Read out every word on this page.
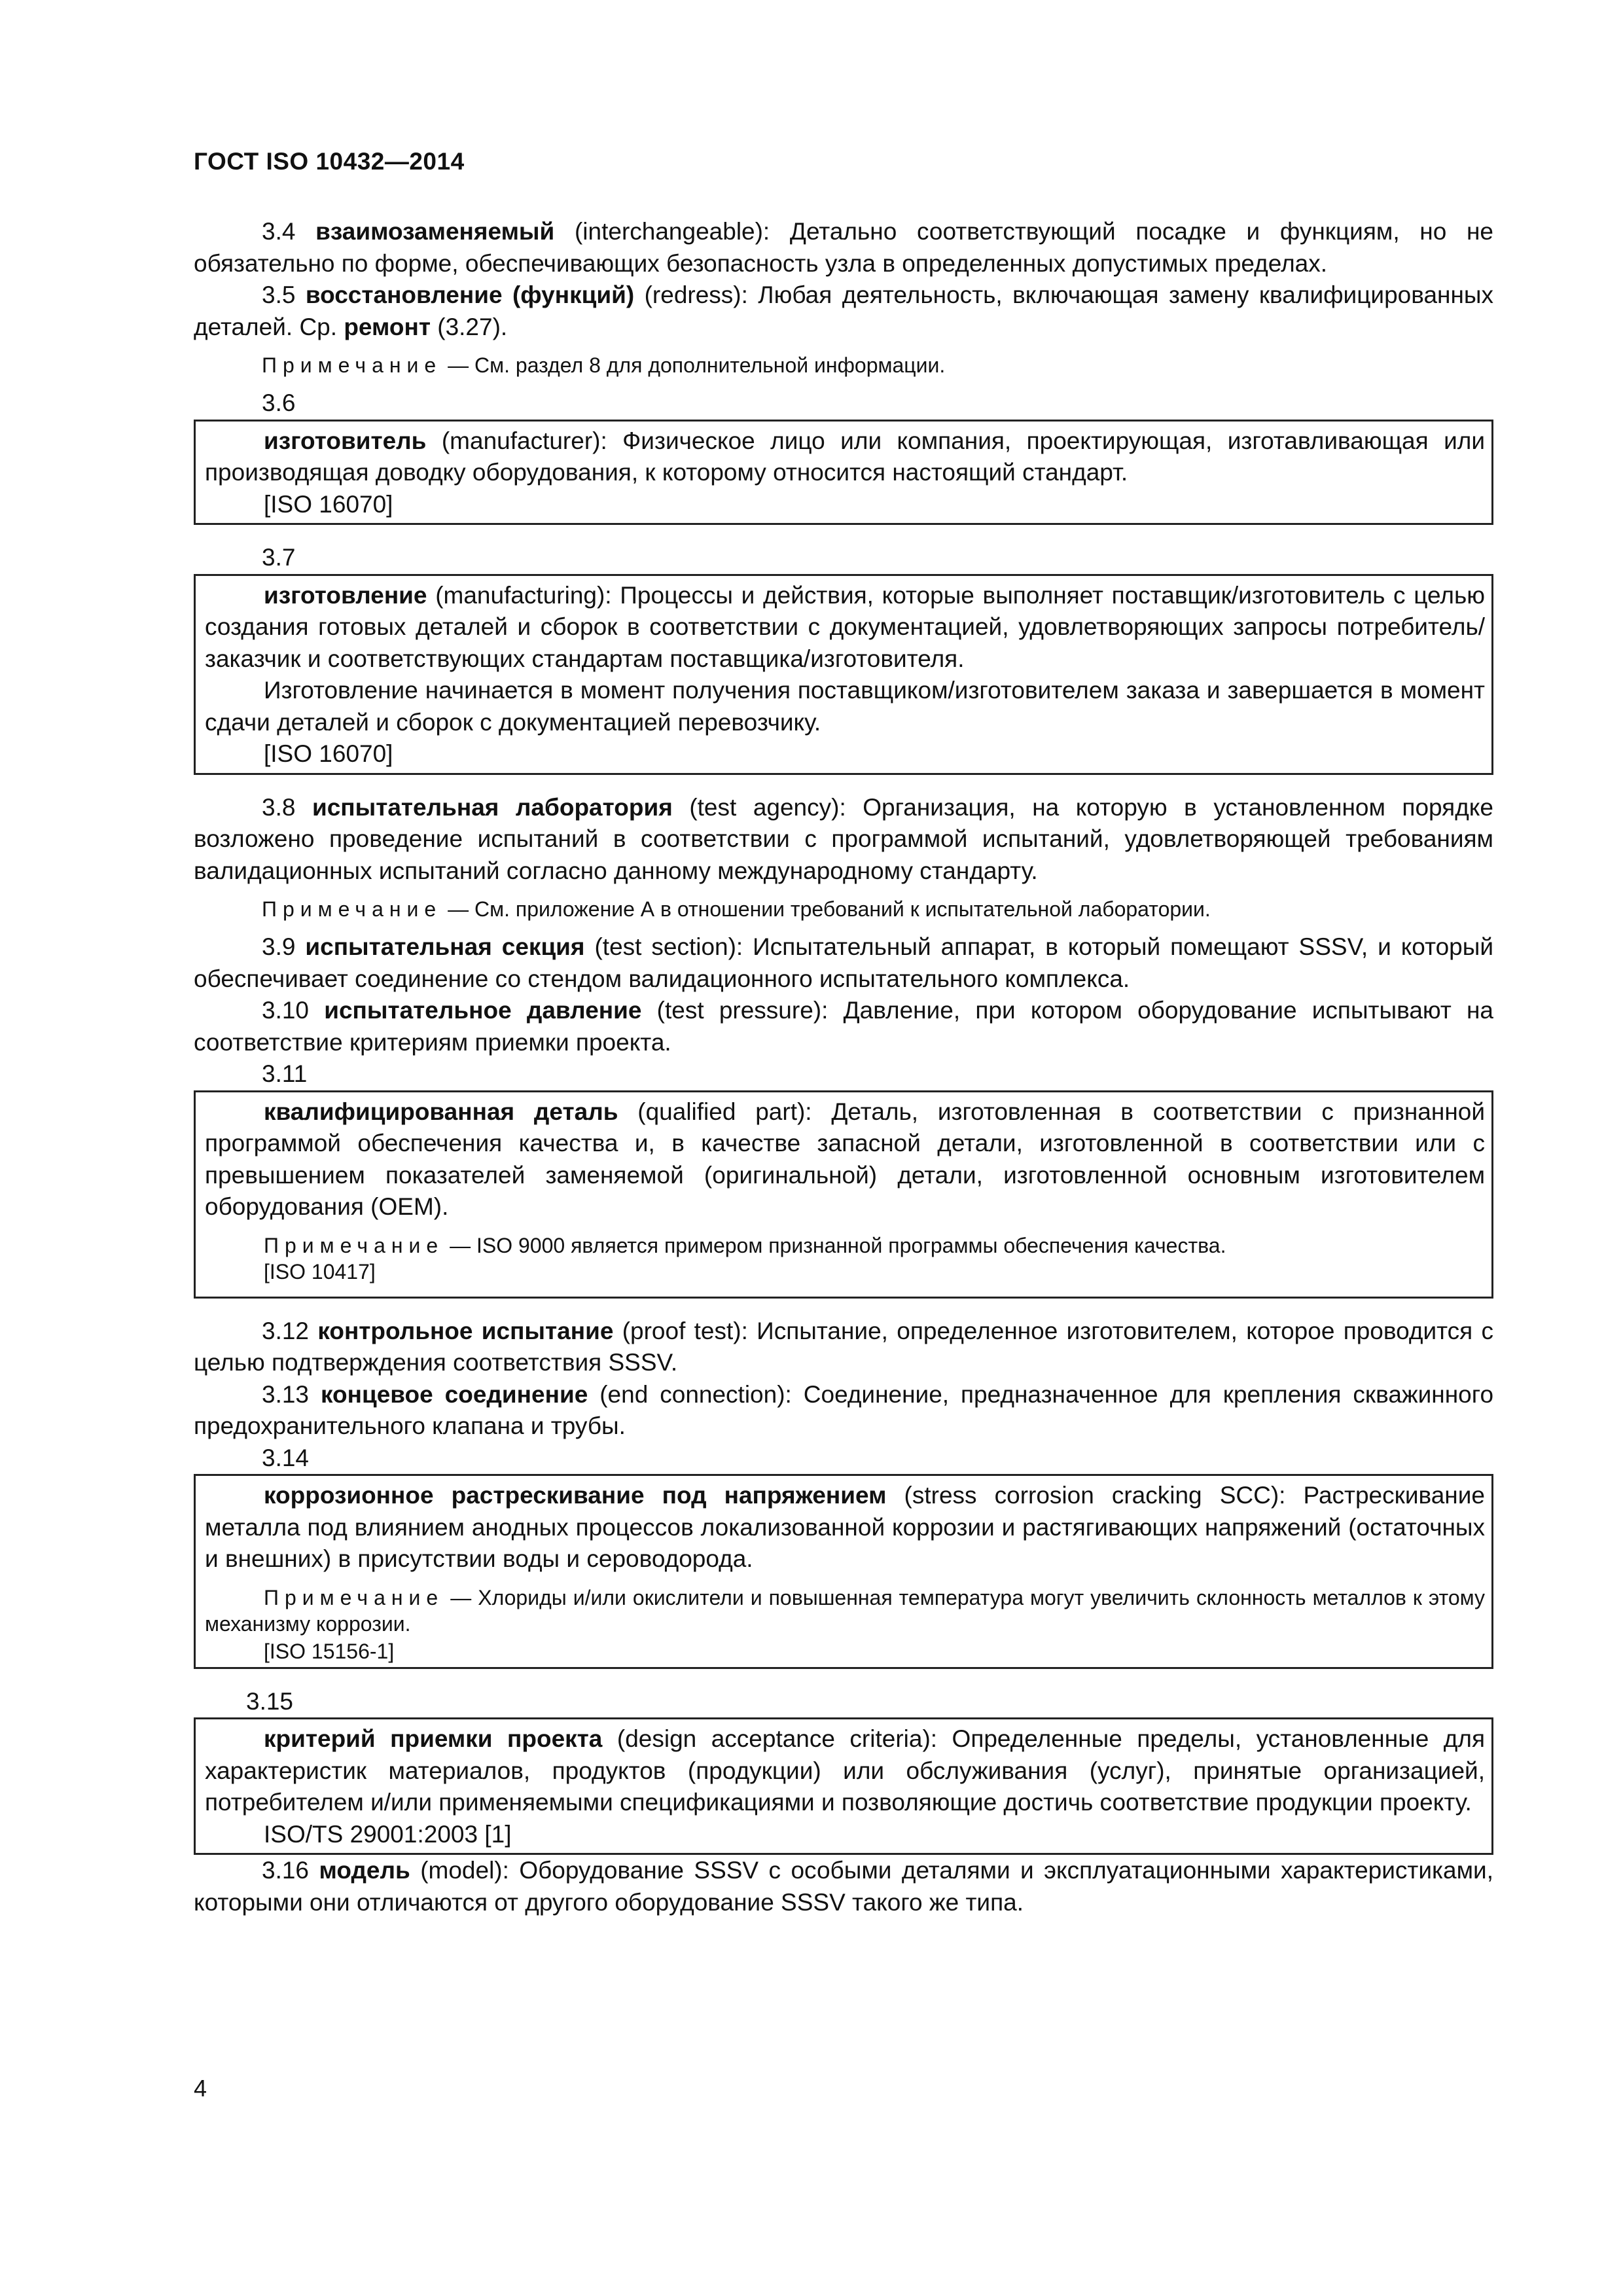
ГОСТ ISO 10432—2014

3.4 взаимозаменяемый (interchangeable): Детально соответствующий посадке и функциям, но не обязательно по форме, обеспечивающих безопасность узла в определенных допустимых пределах.

3.5 восстановление (функций) (redress): Любая деятельность, включающая замену квалифицированных деталей. Ср. ремонт (3.27).

Примечание — См. раздел 8 для дополнительной информации.
3.6

изготовитель (manufacturer): Физическое лицо или компания, проектирующая, изготавливающая или производящая доводку оборудования, к которому относится настоящий стандарт.

[ISO 16070]
3.7

изготовление (manufacturing): Процессы и действия, которые выполняет поставщик/изготовитель с целью создания готовых деталей и сборок в соответствии с документацией, удовлетворяющих запросы потребитель/заказчик и соответствующих стандартам поставщика/изготовителя.

Изготовление начинается в момент получения поставщиком/изготовителем заказа и завершается в момент сдачи деталей и сборок с документацией перевозчику.

[ISO 16070]

3.8 испытательная лаборатория (test agency): Организация, на которую в установленном порядке возложено проведение испытаний в соответствии с программой испытаний, удовлетворяющей требованиям валидационных испытаний согласно данному международному стандарту.

Примечание — См. приложение А в отношении требований к испытательной лаборатории.

3.9 испытательная секция (test section): Испытательный аппарат, в который помещают SSSV, и который обеспечивает соединение со стендом валидационного испытательного комплекса.

3.10 испытательное давление (test pressure): Давление, при котором оборудование испытывают на соответствие критериям приемки проекта.

3.11

квалифицированная деталь (qualified part): Деталь, изготовленная в соответствии с признанной программой обеспечения качества и, в качестве запасной детали, изготовленной в соответствии или с превышением показателей заменяемой (оригинальной) детали, изготовленной основным изготовителем оборудования (ОЕМ).

Примечание — ISO 9000 является примером признанной программы обеспечения качества.
[ISO 10417]

3.12 контрольное испытание (proof test): Испытание, определенное изготовителем, которое проводится с целью подтверждения соответствия SSSV.

3.13 концевое соединение (end connection): Соединение, предназначенное для крепления скважинного предохранительного клапана и трубы.

3.14

коррозионное растрескивание под напряжением (stress corrosion cracking SCC): Растрескивание металла под влиянием анодных процессов локализованной коррозии и растягивающих напряжений (остаточных и внешних) в присутствии воды и сероводорода.

Примечание — Хлориды и/или окислители и повышенная температура могут увеличить склонность металлов к этому механизму коррозии.
[ISO 15156-1]
3.15

критерий приемки проекта (design acceptance criteria): Определенные пределы, установленные для характеристик материалов, продуктов (продукции) или обслуживания (услуг), принятые организацией, потребителем и/или применяемыми спецификациями и позволяющие достичь соответствие продукции проекту.

ISO/TS 29001:2003 [1]

3.16 модель (model): Оборудование SSSV с особыми деталями и эксплуатационными характеристиками, которыми они отличаются от другого оборудование SSSV такого же типа.

4
